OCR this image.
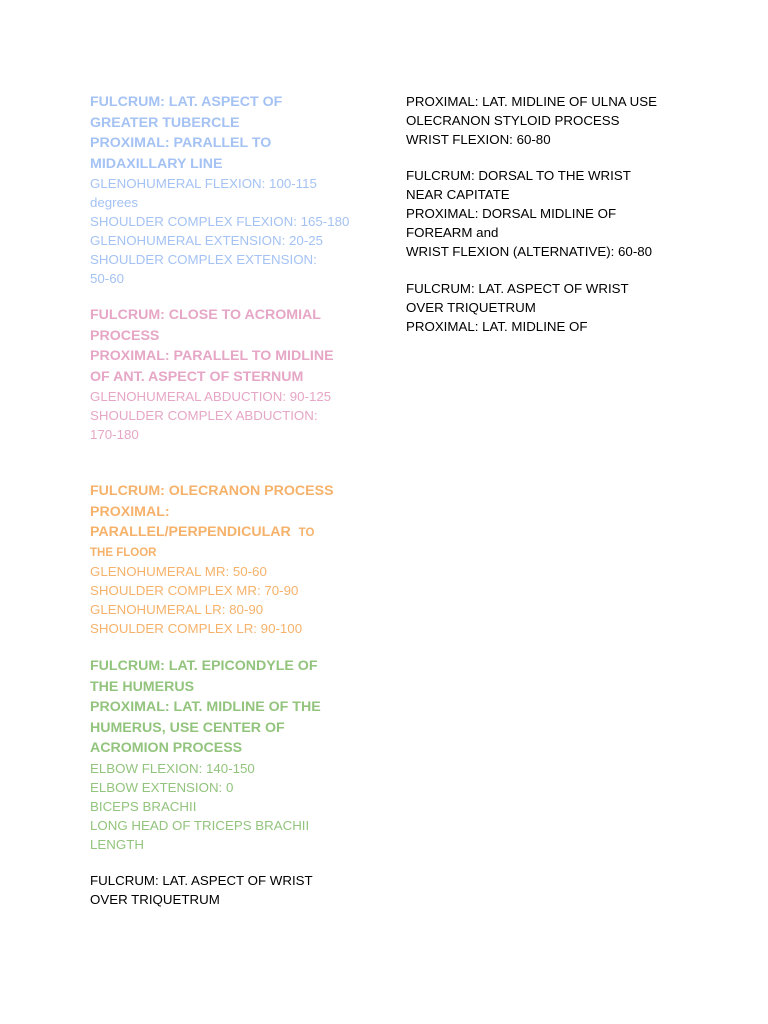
FULCRUM: LAT. ASPECT OF
GREATER TUBERCLE
PROXIMAL: PARALLEL TO
MIDAXILLARY LINE
GLENOHUMERAL FLEXION: 100-115
degrees
SHOULDER COMPLEX FLEXION: 165-180
GLENOHUMERAL EXTENSION: 20-25
SHOULDER COMPLEX EXTENSION:
50-60
FULCRUM: CLOSE TO ACROMIAL
PROCESS
PROXIMAL: PARALLEL TO MIDLINE
OF ANT. ASPECT OF STERNUM
GLENOHUMERAL ABDUCTION: 90-125
SHOULDER COMPLEX ABDUCTION:
170-180
FULCRUM: OLECRANON PROCESS
PROXIMAL:
PARALLEL/PERPENDICULAR TO
THE FLOOR
GLENOHUMERAL MR: 50-60
SHOULDER COMPLEX MR: 70-90
GLENOHUMERAL LR: 80-90
SHOULDER COMPLEX LR: 90-100
FULCRUM: LAT. EPICONDYLE OF
THE HUMERUS
PROXIMAL: LAT. MIDLINE OF THE
HUMERUS, USE CENTER OF
ACROMION PROCESS
ELBOW FLEXION: 140-150
ELBOW EXTENSION: 0
BICEPS BRACHII
LONG HEAD OF TRICEPS BRACHII
LENGTH
FULCRUM: LAT. ASPECT OF WRIST
OVER TRIQUETRUM
PROXIMAL: LAT. MIDLINE OF ULNA USE
OLECRANON STYLOID PROCESS
WRIST FLEXION: 60-80
FULCRUM: DORSAL TO THE WRIST
NEAR CAPITATE
PROXIMAL: DORSAL MIDLINE OF
FOREARM and
WRIST FLEXION (ALTERNATIVE): 60-80
FULCRUM: LAT. ASPECT OF WRIST
OVER TRIQUETRUM
PROXIMAL: LAT. MIDLINE OF
